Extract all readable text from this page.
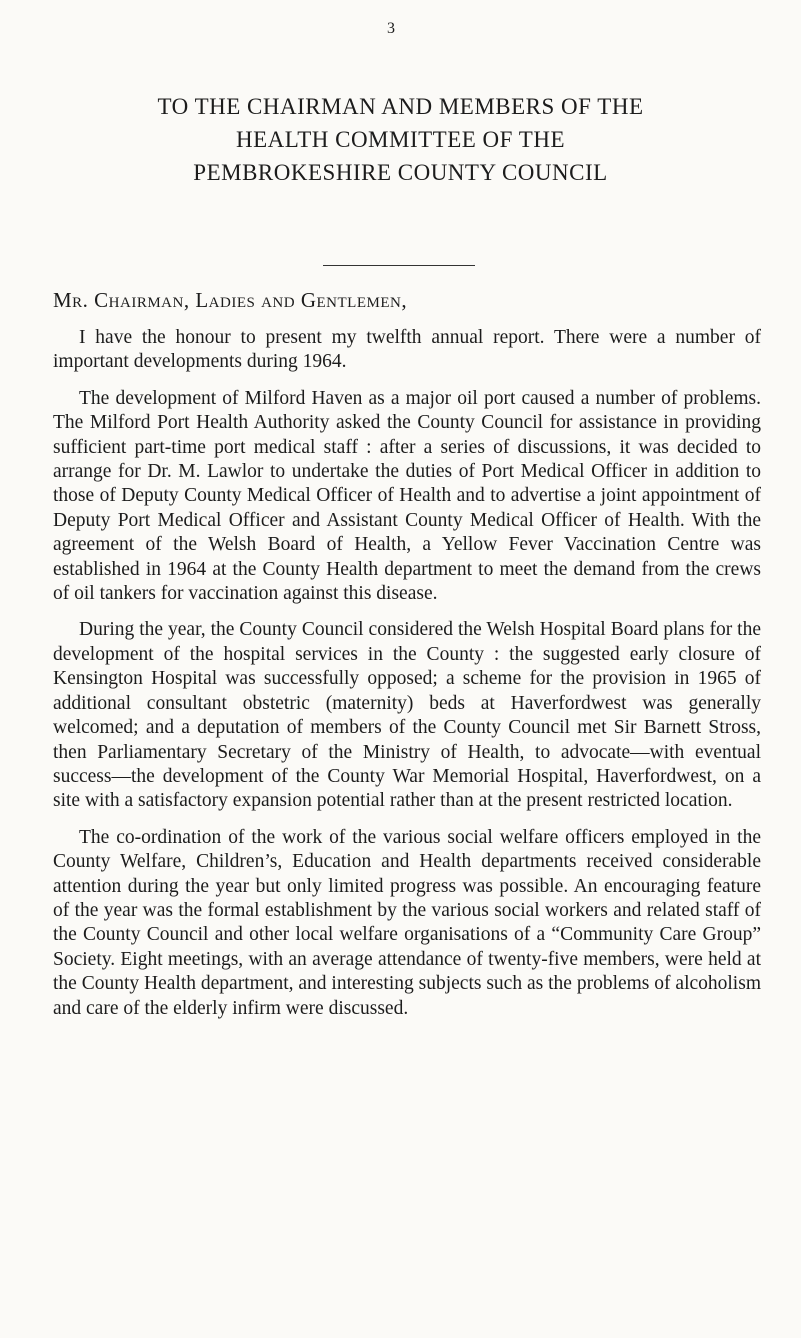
3
TO THE CHAIRMAN AND MEMBERS OF THE
HEALTH COMMITTEE OF THE
PEMBROKESHIRE COUNTY COUNCIL
Mr. Chairman, Ladies and Gentlemen,

I have the honour to present my twelfth annual report. There were a number of important developments during 1964.

The development of Milford Haven as a major oil port caused a number of problems. The Milford Port Health Authority asked the County Council for assistance in providing sufficient part-time port medical staff : after a series of discussions, it was decided to arrange for Dr. M. Lawlor to undertake the duties of Port Medical Officer in addition to those of Deputy County Medical Officer of Health and to advertise a joint appointment of Deputy Port Medical Officer and Assistant County Medical Officer of Health. With the agreement of the Welsh Board of Health, a Yellow Fever Vaccination Centre was established in 1964 at the County Health department to meet the demand from the crews of oil tankers for vaccination against this disease.

During the year, the County Council considered the Welsh Hospital Board plans for the development of the hospital services in the County : the suggested early closure of Kensington Hospital was successfully opposed; a scheme for the provision in 1965 of additional consultant obstetric (maternity) beds at Haverfordwest was generally welcomed; and a deputation of members of the County Council met Sir Barnett Stross, then Parliamentary Secretary of the Ministry of Health, to advocate—with eventual success—the development of the County War Memorial Hospital, Haverfordwest, on a site with a satisfactory expansion potential rather than at the present restricted location.

The co-ordination of the work of the various social welfare officers employed in the County Welfare, Children’s, Education and Health departments received considerable attention during the year but only limited progress was possible. An encouraging feature of the year was the formal establishment by the various social workers and related staff of the County Council and other local welfare organisations of a “Community Care Group” Society. Eight meetings, with an average attendance of twenty-five members, were held at the County Health department, and interesting subjects such as the problems of alcoholism and care of the elderly infirm were discussed.
